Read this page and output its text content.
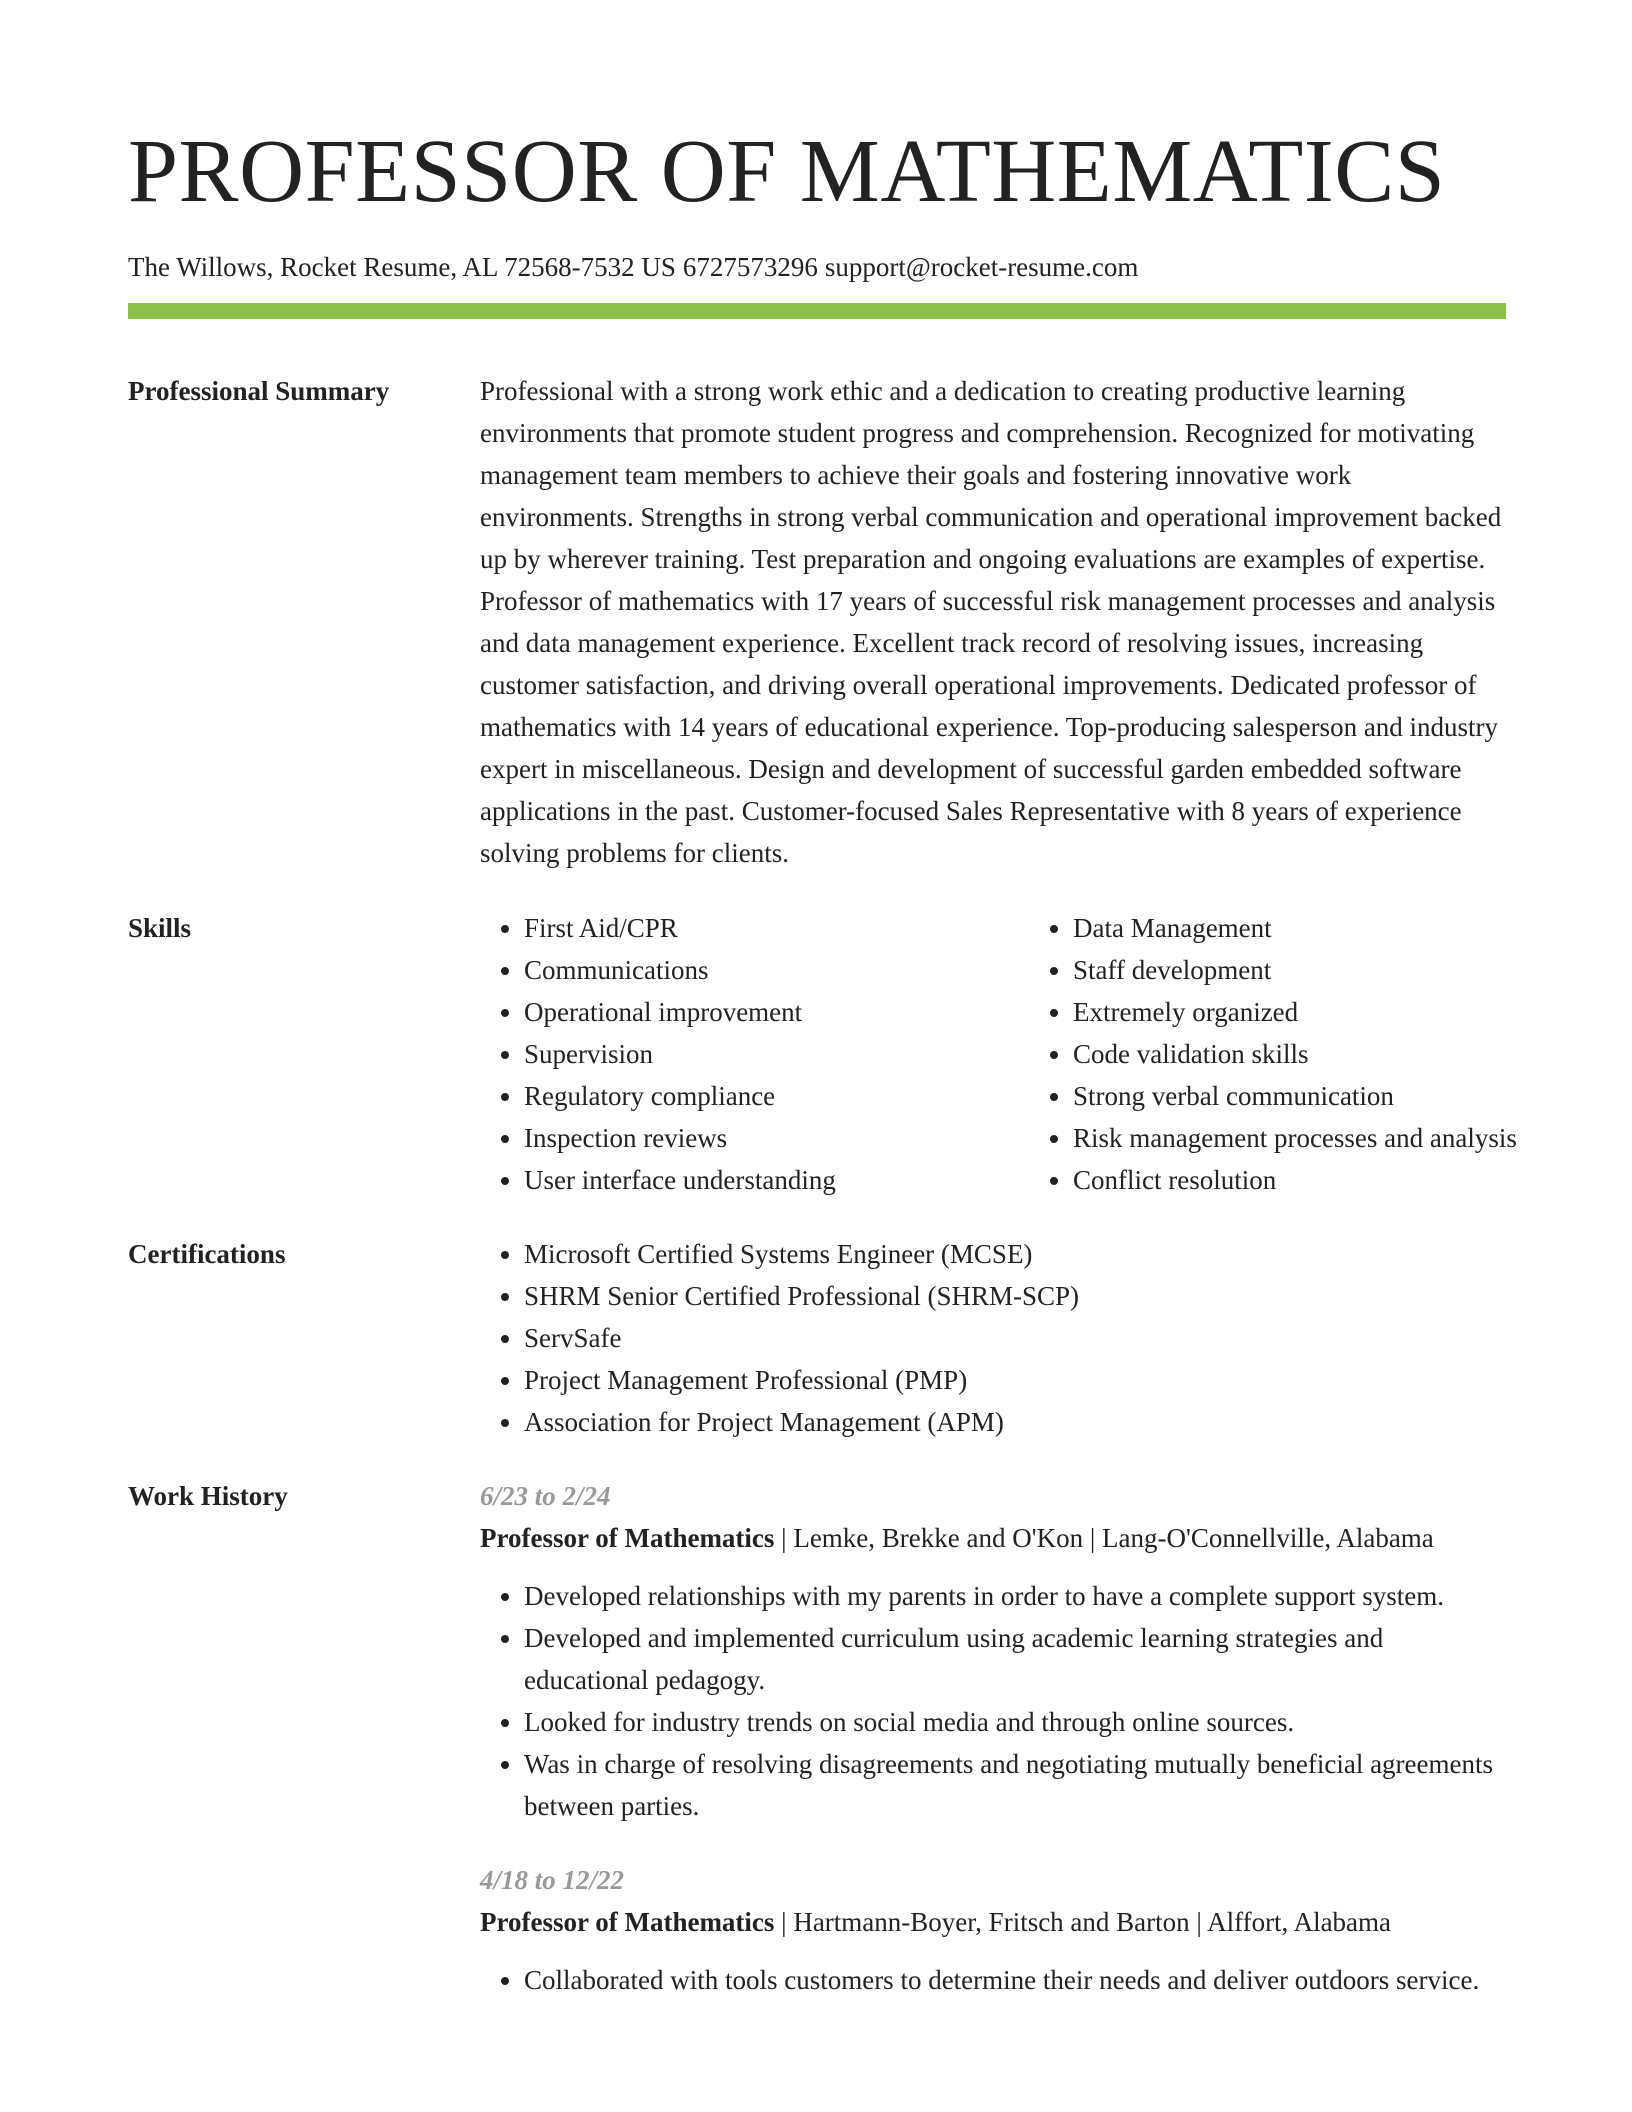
PROFESSOR OF MATHEMATICS
The Willows, Rocket Resume, AL 72568-7532 US 6727573296 support@rocket-resume.com
Professional Summary	Professional with a strong work ethic and a dedication to creating productive learning environments that promote student progress and comprehension. Recognized for motivating management team members to achieve their goals and fostering innovative work environments. Strengths in strong verbal communication and operational improvement backed up by wherever training. Test preparation and ongoing evaluations are examples of expertise. Professor of mathematics with 17 years of successful risk management processes and analysis and data management experience. Excellent track record of resolving issues, increasing customer satisfaction, and driving overall operational improvements. Dedicated professor of mathematics with 14 years of educational experience. Top-producing salesperson and industry expert in miscellaneous. Design and development of successful garden embedded software applications in the past. Customer-focused Sales Representative with 8 years of experience solving problems for clients.

Skills	• First Aid/CPR
• Communications
• Operational improvement
• Supervision
• Regulatory compliance
• Inspection reviews
• User interface understanding
• Data Management
• Staff development
• Extremely organized
• Code validation skills
• Strong verbal communication
• Risk management processes and analysis
• Conflict resolution
Certifications	• Microsoft Certified Systems Engineer (MCSE)
• SHRM Senior Certified Professional (SHRM-SCP)
• ServSafe
• Project Management Professional (PMP)
• Association for Project Management (APM)
Work History	6/23 to 2/24
Professor of Mathematics | Lemke, Brekke and O'Kon | Lang-O'Connellville, Alabama
• Developed relationships with my parents in order to have a complete support system.
• Developed and implemented curriculum using academic learning strategies and educational pedagogy.
• Looked for industry trends on social media and through online sources.
• Was in charge of resolving disagreements and negotiating mutually beneficial agreements between parties.
4/18 to 12/22
Professor of Mathematics | Hartmann-Boyer, Fritsch and Barton | Alffort, Alabama
• Collaborated with tools customers to determine their needs and deliver outdoors service.
